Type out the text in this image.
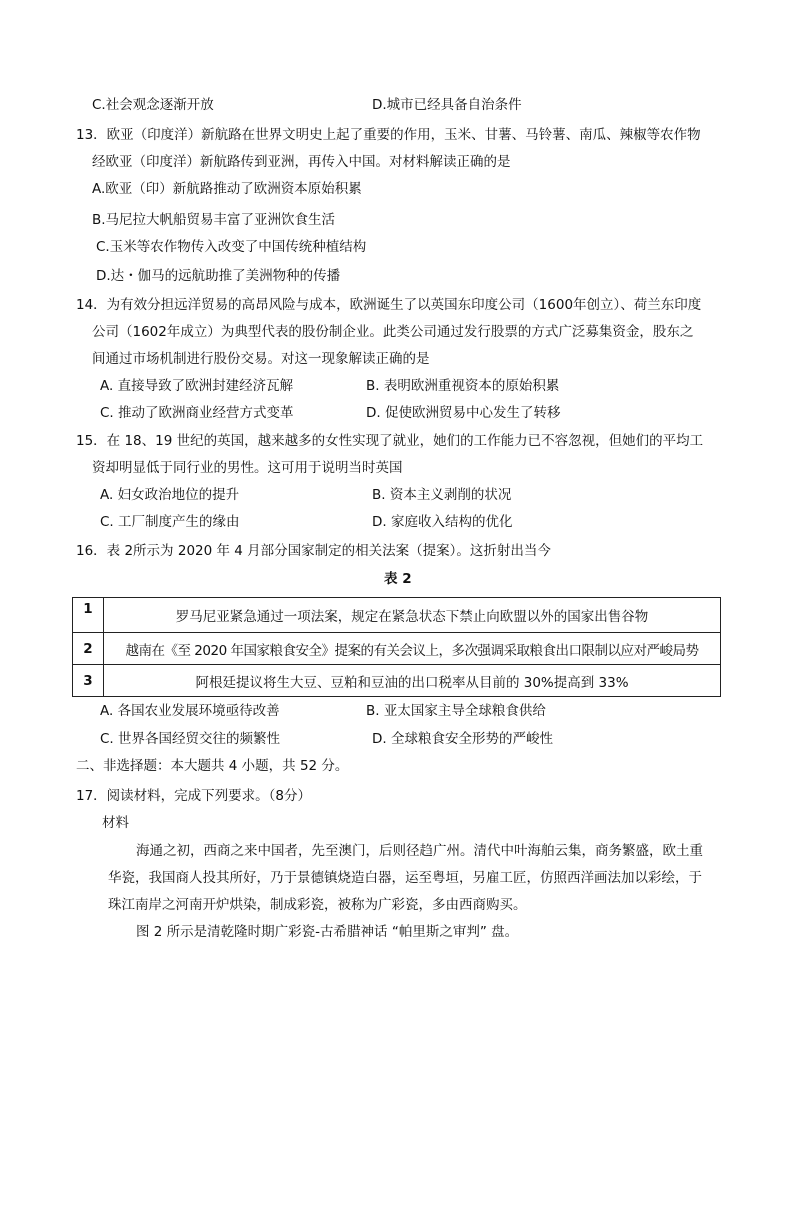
C.社会观念逐渐开放	D.城市已经具备自治条件
13．欧亚（印度洋）新航路在世界文明史上起了重要的作用，玉米、甘薯、马铃薯、南瓜、辣椒等农作物
经欧亚（印度洋）新航路传到亚洲，再传入中国。对材料解读正确的是
A.欧亚（印）新航路推动了欧洲资本原始积累
B.马尼拉大帆船贸易丰富了亚洲饮食生活
C.玉米等农作物传入改变了中国传统种植结构
D.达・伽马的远航助推了美洲物种的传播
14．为有效分担远洋贸易的高昂风险与成本，欧洲诞生了以英国东印度公司（1600年创立）、荷兰东印度
公司（1602年成立）为典型代表的股份制企业。此类公司通过发行股票的方式广泛募集资金，股东之
间通过市场机制进行股份交易。对这一现象解读正确的是
A. 直接导致了欧洲封建经济瓦解	B. 表明欧洲重视资本的原始积累
C. 推动了欧洲商业经营方式变革	D. 促使欧洲贸易中心发生了转移
15．在 18、19 世纪的英国，越来越多的女性实现了就业，她们的工作能力已不容忽视，但她们的平均工
资却明显低于同行业的男性。这可用于说明当时英国
A. 妇女政治地位的提升	B. 资本主义剥削的状况
C. 工厂制度产生的缘由	D. 家庭收入结构的优化
16．表 2所示为 2020 年 4 月部分国家制定的相关法案（提案）。这折射出当今
表 2
1	罗马尼亚紧急通过一项法案，规定在紧急状态下禁止向欧盟以外的国家出售谷物
2	越南在《至 2020 年国家粮食安全》提案的有关会议上，多次强调采取粮食出口限制以应对严峻局势
3	阿根廷提议将生大豆、豆粕和豆油的出口税率从目前的 30%提高到 33%
A. 各国农业发展环境亟待改善	B. 亚太国家主导全球粮食供给
C. 世界各国经贸交往的频繁性	D. 全球粮食安全形势的严峻性
二、非选择题：本大题共 4 小题，共 52 分。
17．阅读材料，完成下列要求。（8分）
材料
海通之初，西商之来中国者，先至澳门，后则径趋广州。清代中叶海舶云集，商务繁盛，欧土重
华瓷，我国商人投其所好，乃于景德镇烧造白器，运至粤垣，另雇工匠，仿照西洋画法加以彩绘，于
珠江南岸之河南开炉烘染，制成彩瓷，被称为广彩瓷，多由西商购买。
图 2 所示是清乾隆时期广彩瓷-古希腊神话 “帕里斯之审判” 盘。
